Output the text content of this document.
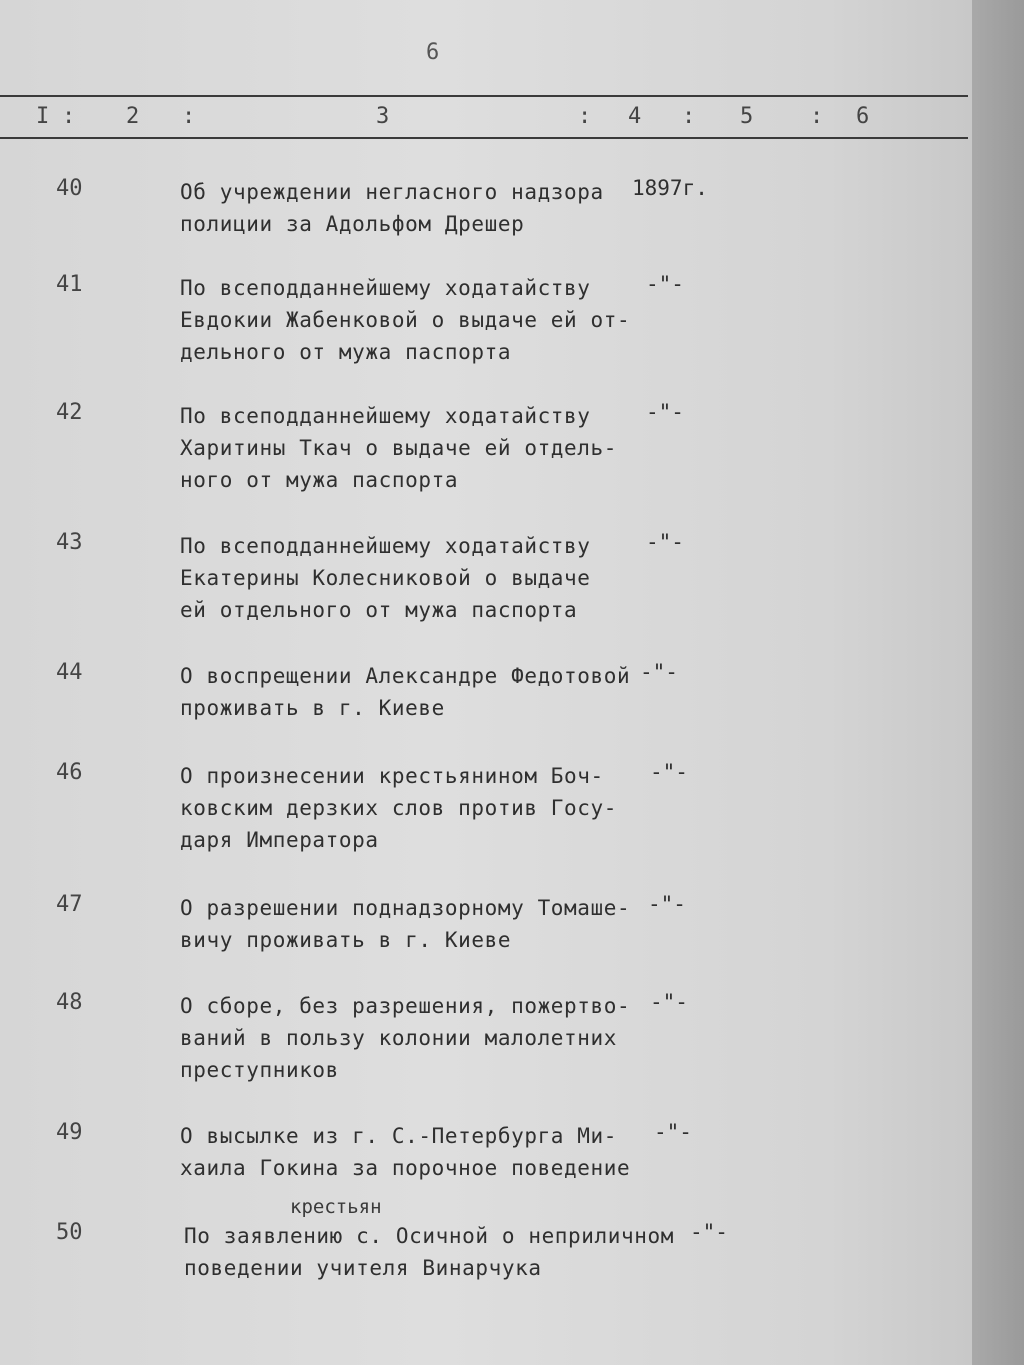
6
I : 2 :	3	: 4 : 5	: 6
40	Об учреждении негласного надзора
полиции за Адольфом Дрешер
1897г.
41	По всеподданнейшему ходатайству
Евдокии Жабенковой о выдаче ей от-
дельного от мужа паспорта
-"-
42	По всеподданнейшему ходатайству
Харитины Ткач о выдаче ей отдель-
ного от мужа паспорта
-"-
43	По всеподданнейшему ходатайству
Екатерины Колесниковой о выдаче
ей отдельного от мужа паспорта
-"-
44	О воспрещении Александре Федотовой
проживать в г. Киеве
-"-
46	О произнесении крестьянином Боч-
ковским дерзких слов против Госу-
даря Императора
-"-
47	О разрешении поднадзорному Томаше-
вичу проживать в г. Киеве
-"-
48	О сборе, без разрешения, пожертво-
ваний в пользу колонии малолетних
преступников
-"-
49	О высылке из г. С.-Петербурга Ми-
хаила Гокина за порочное поведение
-"-
крестьян
50	По заявлению с. Осичной о неприличном
поведении учителя Винарчука
-"-
